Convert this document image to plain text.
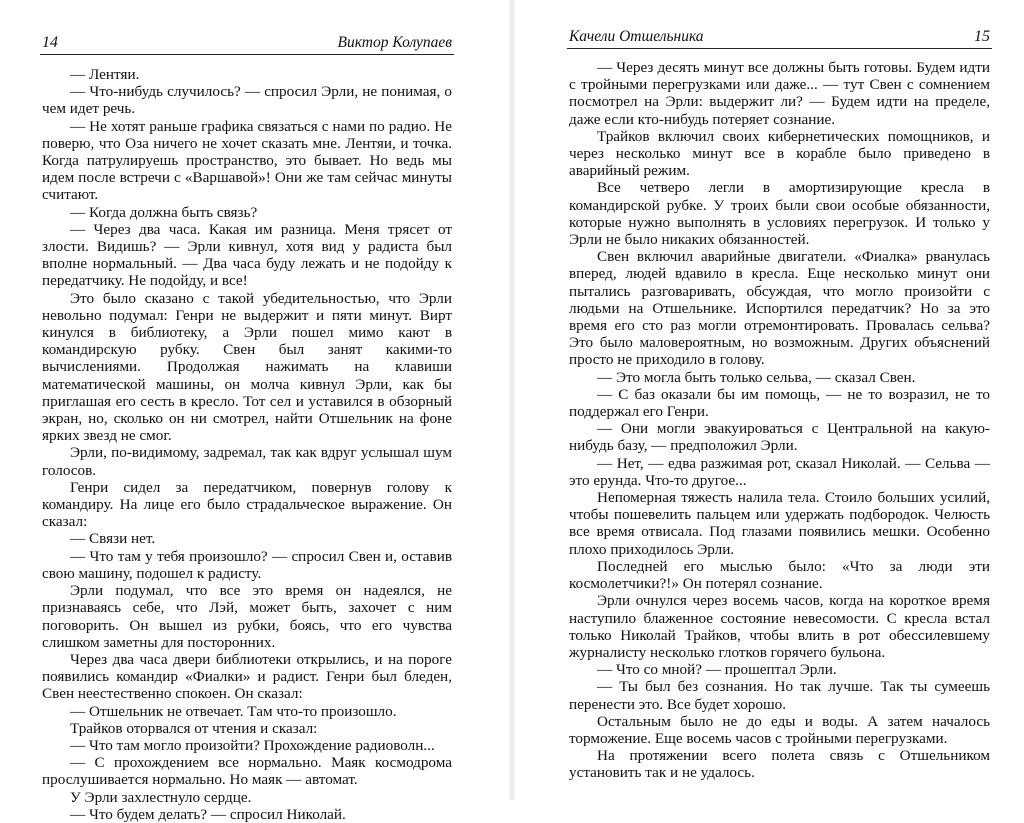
14	Виктор Колупаев

— Лентяи.

— Что-нибудь случилось? — спросил Эрли, не понимая, о чем идет речь.

— Не хотят раньше графика связаться с нами по радио. Не поверю, что Оза ничего не хочет сказать мне. Лентяи, и точка. Когда патрулируешь пространство, это бывает. Но ведь мы идем после встречи с «Варшавой»! Они же там сейчас минуты считают.

— Когда должна быть связь?

— Через два часа. Какая им разница. Меня трясет от злости. Видишь? — Эрли кивнул, хотя вид у радиста был вполне нормальный. — Два часа буду лежать и не подойду к передатчику. Не подойду, и все!

Это было сказано с такой убедительностью, что Эрли невольно подумал: Генри не выдержит и пяти минут. Вирт кинулся в библиотеку, а Эрли пошел мимо кают в командирскую рубку. Свен был занят какими-то вычислениями. Продолжая нажимать на клавиши математической машины, он молча кивнул Эрли, как бы приглашая его сесть в кресло. Тот сел и уставился в обзорный экран, но, сколько он ни смотрел, найти Отшельник на фоне ярких звезд не смог.

Эрли, по-видимому, задремал, так как вдруг услышал шум голосов.

Генри сидел за передатчиком, повернув голову к командиру. На лице его было страдальческое выражение. Он сказал:

— Связи нет.

— Что там у тебя произошло? — спросил Свен и, оставив свою машину, подошел к радисту.

Эрли подумал, что все это время он надеялся, не признаваясь себе, что Лэй, может быть, захочет с ним поговорить. Он вышел из рубки, боясь, что его чувства слишком заметны для посторонних.

Через два часа двери библиотеки открылись, и на пороге появились командир «Фиалки» и радист. Генри был бледен, Свен неестественно спокоен. Он сказал:

— Отшельник не отвечает. Там что-то произошло.

Трайков оторвался от чтения и сказал:

— Что там могло произойти? Прохождение радиоволн...

— С прохождением все нормально. Маяк космодрома прослушивается нормально. Но маяк — автомат.

У Эрли захлестнуло сердце.

— Что будем делать? — спросил Николай.

Качели Отшельника	15

— Через десять минут все должны быть готовы. Будем идти с тройными перегрузками или даже... — тут Свен с сомнением посмотрел на Эрли: выдержит ли? — Будем идти на пределе, даже если кто-нибудь потеряет сознание.

Трайков включил своих кибернетических помощников, и через несколько минут все в корабле было приведено в аварийный режим.

Все четверо легли в амортизирующие кресла в командирской рубке. У троих были свои особые обязанности, которые нужно выполнять в условиях перегрузок. И только у Эрли не было никаких обязанностей.

Свен включил аварийные двигатели. «Фиалка» рванулась вперед, людей вдавило в кресла. Еще несколько минут они пытались разговаривать, обсуждая, что могло произойти с людьми на Отшельнике. Испортился передатчик? Но за это время его сто раз могли отремонтировать. Провалась сельва? Это было маловероятным, но возможным. Других объяснений просто не приходило в голову.

— Это могла быть только сельва, — сказал Свен.

— С баз оказали бы им помощь, — не то возразил, не то поддержал его Генри.

— Они могли эвакуироваться с Центральной на какую-нибудь базу, — предположил Эрли.

— Нет, — едва разжимая рот, сказал Николай. — Сельва — это ерунда. Что-то другое...

Непомерная тяжесть налила тела. Стоило больших усилий, чтобы пошевелить пальцем или удержать подбородок. Челюсть все время отвисала. Под глазами появились мешки. Особенно плохо приходилось Эрли.

Последней его мыслью было: «Что за люди эти космолетчики?!» Он потерял сознание.

Эрли очнулся через восемь часов, когда на короткое время наступило блаженное состояние невесомости. С кресла встал только Николай Трайков, чтобы влить в рот обессилевшему журналисту несколько глотков горячего бульона.

— Что со мной? — прошептал Эрли.

— Ты был без сознания. Но так лучше. Так ты сумеешь перенести это. Все будет хорошо.

Остальным было не до еды и воды. А затем началось торможение. Еще восемь часов с тройными перегрузками.

На протяжении всего полета связь с Отшельником установить так и не удалось.
